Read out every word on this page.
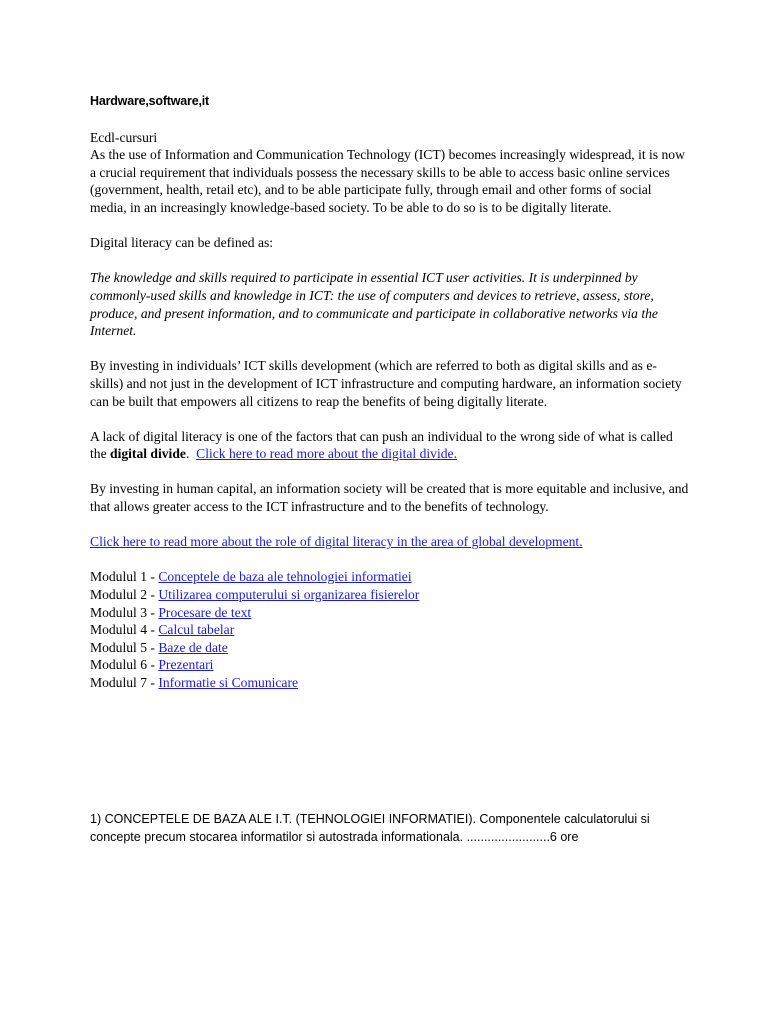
Hardware,software,it

Ecdl-cursuri
As the use of Information and Communication Technology (ICT) becomes increasingly widespread, it is now a crucial requirement that individuals possess the necessary skills to be able to access basic online services (government, health, retail etc), and to be able participate fully, through email and other forms of social media, in an increasingly knowledge-based society. To be able to do so is to be digitally literate.

Digital literacy can be defined as:

The knowledge and skills required to participate in essential ICT user activities. It is underpinned by commonly-used skills and knowledge in ICT: the use of computers and devices to retrieve, assess, store, produce, and present information, and to communicate and participate in collaborative networks via the Internet.

By investing in individuals’ ICT skills development (which are referred to both as digital skills and as e-skills) and not just in the development of ICT infrastructure and computing hardware, an information society can be built that empowers all citizens to reap the benefits of being digitally literate.

A lack of digital literacy is one of the factors that can push an individual to the wrong side of what is called the digital divide.  Click here to read more about the digital divide.

By investing in human capital, an information society will be created that is more equitable and inclusive, and that allows greater access to the ICT infrastructure and to the benefits of technology.

Click here to read more about the role of digital literacy in the area of global development.

Modulul 1 - Conceptele de baza ale tehnologiei informatiei
Modulul 2 - Utilizarea computerului si organizarea fisierelor
Modulul 3 - Procesare de text
Modulul 4 - Calcul tabelar
Modulul 5 - Baze de date
Modulul 6 - Prezentari
Modulul 7 - Informatie si Comunicare
1) CONCEPTELE DE BAZA ALE I.T. (TEHNOLOGIEI INFORMATIEI). Componentele calculatorului si concepte precum stocarea informatilor si autostrada informationala. ........................6 ore
